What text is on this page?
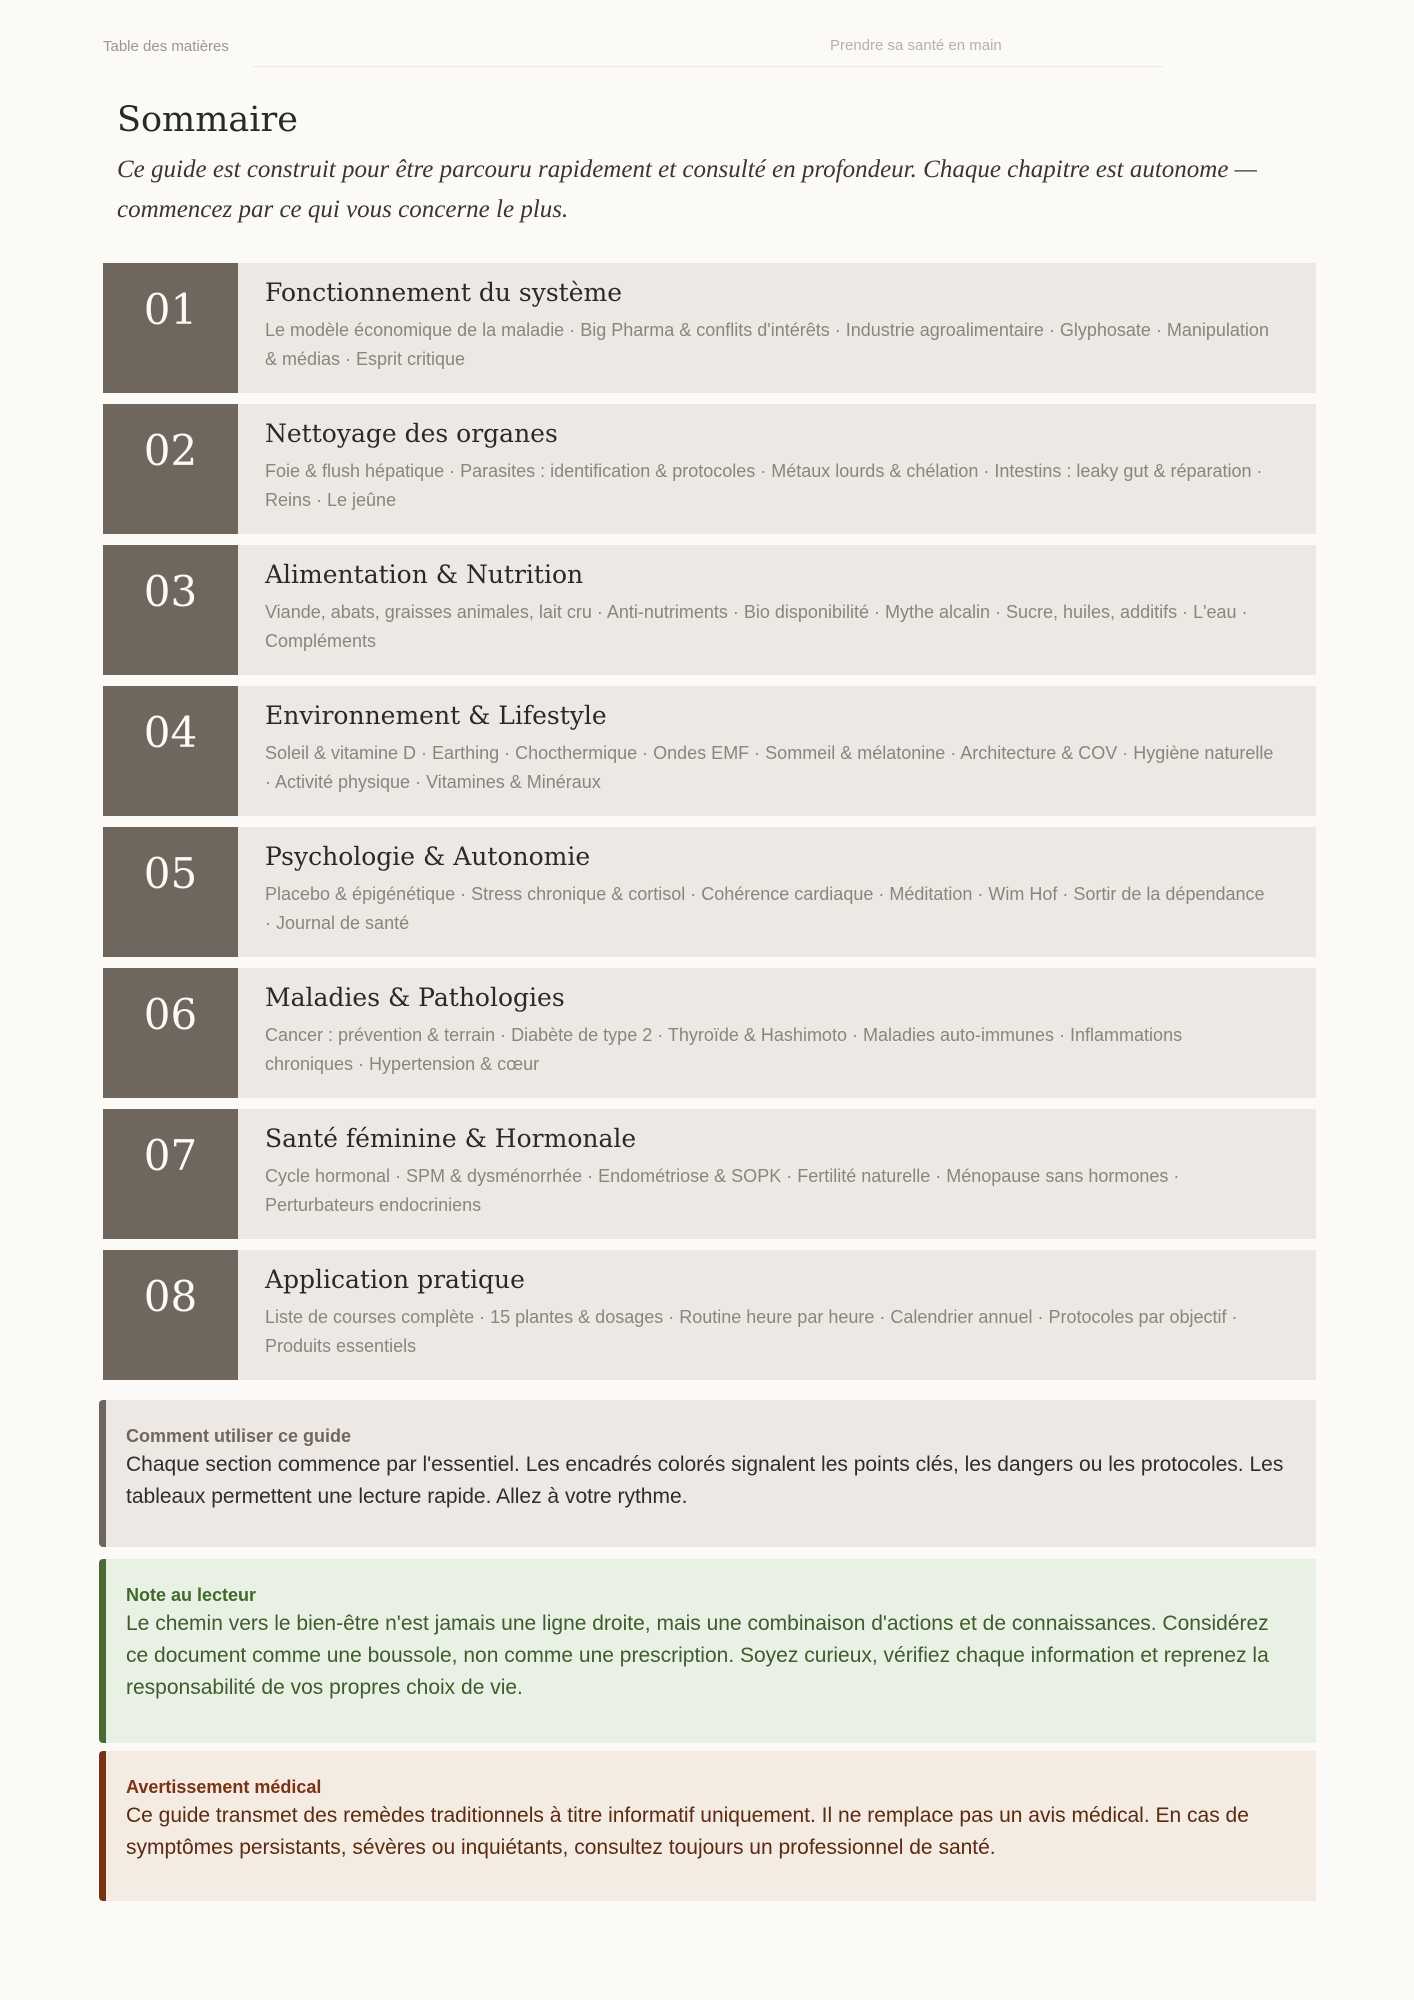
Table des matières	Prendre sa santé en main
Sommaire

Ce guide est construit pour être parcouru rapidement et consulté en profondeur. Chaque chapitre est autonome — commencez par ce qui vous concerne le plus.

01	Fonctionnement du système
Le modèle économique de la maladie · Big Pharma & conflits d'intérêts · Industrie agroalimentaire · Glyphosate · Manipulation & médias · Esprit critique
02	Nettoyage des organes
Foie & flush hépatique · Parasites : identification & protocoles · Métaux lourds & chélation · Intestins : leaky gut & réparation · Reins · Le jeûne
03	Alimentation & Nutrition
Viande, abats, graisses animales, lait cru · Anti-nutriments · Bio disponibilité · Mythe alcalin · Sucre, huiles, additifs · L'eau · Compléments
04	Environnement & Lifestyle
Soleil & vitamine D · Earthing · Chocthermique · Ondes EMF · Sommeil & mélatonine · Architecture & COV · Hygiène naturelle · Activité physique · Vitamines & Minéraux
05	Psychologie & Autonomie
Placebo & épigénétique · Stress chronique & cortisol · Cohérence cardiaque · Méditation · Wim Hof · Sortir de la dépendance · Journal de santé
06	Maladies & Pathologies
Cancer : prévention & terrain · Diabète de type 2 · Thyroïde & Hashimoto · Maladies auto-immunes · Inflammations chroniques · Hypertension & cœur
07	Santé féminine & Hormonale
Cycle hormonal · SPM & dysménorrhée · Endométriose & SOPK · Fertilité naturelle · Ménopause sans hormones · Perturbateurs endocriniens
08	Application pratique
Liste de courses complète · 15 plantes & dosages · Routine heure par heure · Calendrier annuel · Protocoles par objectif · Produits essentiels
Comment utiliser ce guide
Chaque section commence par l'essentiel. Les encadrés colorés signalent les points clés, les dangers ou les protocoles. Les tableaux permettent une lecture rapide. Allez à votre rythme.
Note au lecteur
Le chemin vers le bien-être n'est jamais une ligne droite, mais une combinaison d'actions et de connaissances. Considérez ce document comme une boussole, non comme une prescription. Soyez curieux, vérifiez chaque information et reprenez la responsabilité de vos propres choix de vie.
Avertissement médical
Ce guide transmet des remèdes traditionnels à titre informatif uniquement. Il ne remplace pas un avis médical. En cas de symptômes persistants, sévères ou inquiétants, consultez toujours un professionnel de santé.
